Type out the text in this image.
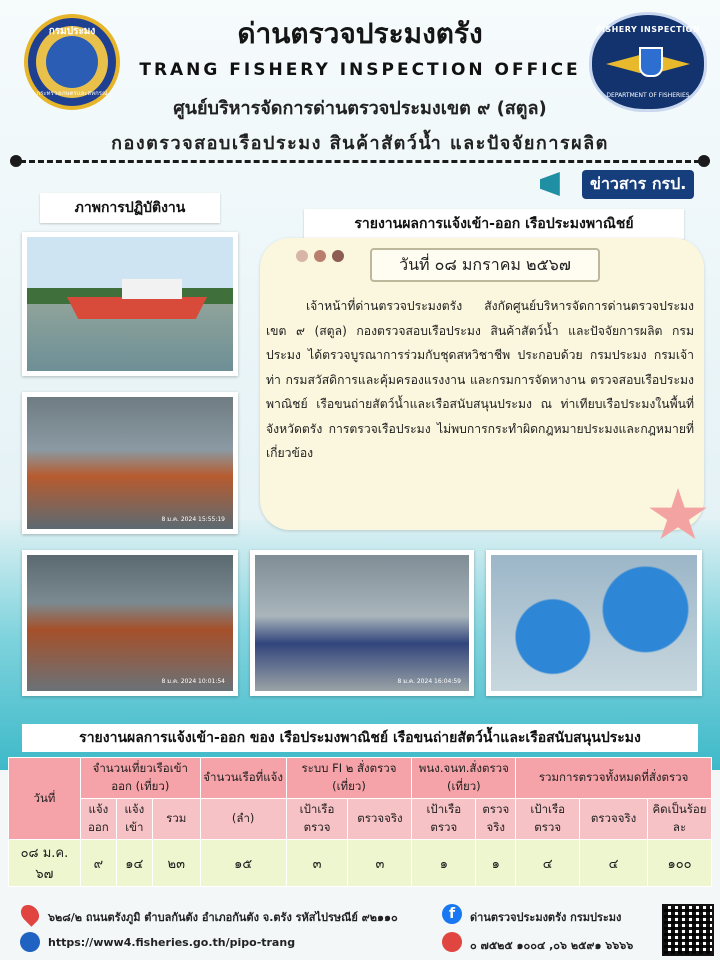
กรมประมง
กระทรวงเกษตรและสหกรณ์
FISHERY INSPECTION
DEPARTMENT OF FISHERIES
ด่านตรวจประมงตรัง
TRANG FISHERY INSPECTION OFFICE
ศูนย์บริหารจัดการด่านตรวจประมงเขต ๙ (สตูล)
กองตรวจสอบเรือประมง สินค้าสัตว์น้ำ และปัจจัยการผลิต
ข่าวสาร กรป.
ภาพการปฏิบัติงาน
รายงานผลการแจ้งเข้า-ออก เรือประมงพาณิชย์
8 ม.ค. 2024 15:55:19
8 ม.ค. 2024 10:01:54	8 ม.ค. 2024 16:04:59
วันที่ ๐๘ มกราคม ๒๕๖๗
เจ้าหน้าที่ด่านตรวจประมงตรัง สังกัดศูนย์บริหารจัดการด่านตรวจประมง เขต ๙ (สตูล) กองตรวจสอบเรือประมง สินค้าสัตว์น้ำ และปัจจัยการผลิต กรมประมง ได้ตรวจบูรณาการร่วมกับชุดสหวิชาชีพ ประกอบด้วย กรมประมง กรมเจ้าท่า กรมสวัสดิการและคุ้มครองแรงงาน และกรมการจัดหางาน ตรวจสอบเรือประมงพาณิชย์ เรือขนถ่ายสัตว์น้ำและเรือสนับสนุนประมง ณ ท่าเทียบเรือประมงในพื้นที่จังหวัดตรัง การตรวจเรือประมง ไม่พบการกระทำผิดกฎหมายประมงและกฎหมายที่เกี่ยวข้อง
รายงานผลการแจ้งเข้า-ออก ของ เรือประมงพาณิชย์ เรือขนถ่ายสัตว์น้ำและเรือสนับสนุนประมง
วันที่	จำนวนเที่ยวเรือเข้าออก (เที่ยว)			จำนวนเรือที่แจ้ง	ระบบ FI ๒ สั่งตรวจ (เที่ยว)		พนง.จนท.สั่งตรวจ (เที่ยว)		รวมการตรวจทั้งหมดที่สั่งตรวจ		
	แจ้งออก	แจ้งเข้า	รวม	(ลำ)	เป้าเรือตรวจ	ตรวจจริง	เป้าเรือตรวจ	ตรวจจริง	เป้าเรือตรวจ	ตรวจจริง	คิดเป็นร้อยละ
๐๘ ม.ค. ๖๗	๙	๑๔	๒๓	๑๕	๓	๓	๑	๑	๔	๔	๑๐๐
๖๒๘/๒ ถนนตรังภูมิ ตำบลกันตัง อำเภอกันตัง จ.ตรัง รหัสไปรษณีย์ ๙๒๑๑๐
https://www4.fisheries.go.th/pipo-trang
f	ด่านตรวจประมงตรัง กรมประมง
๐ ๗๕๒๕ ๑๐๐๔ ,๐๖ ๒๕๙๑ ๖๖๖๖
